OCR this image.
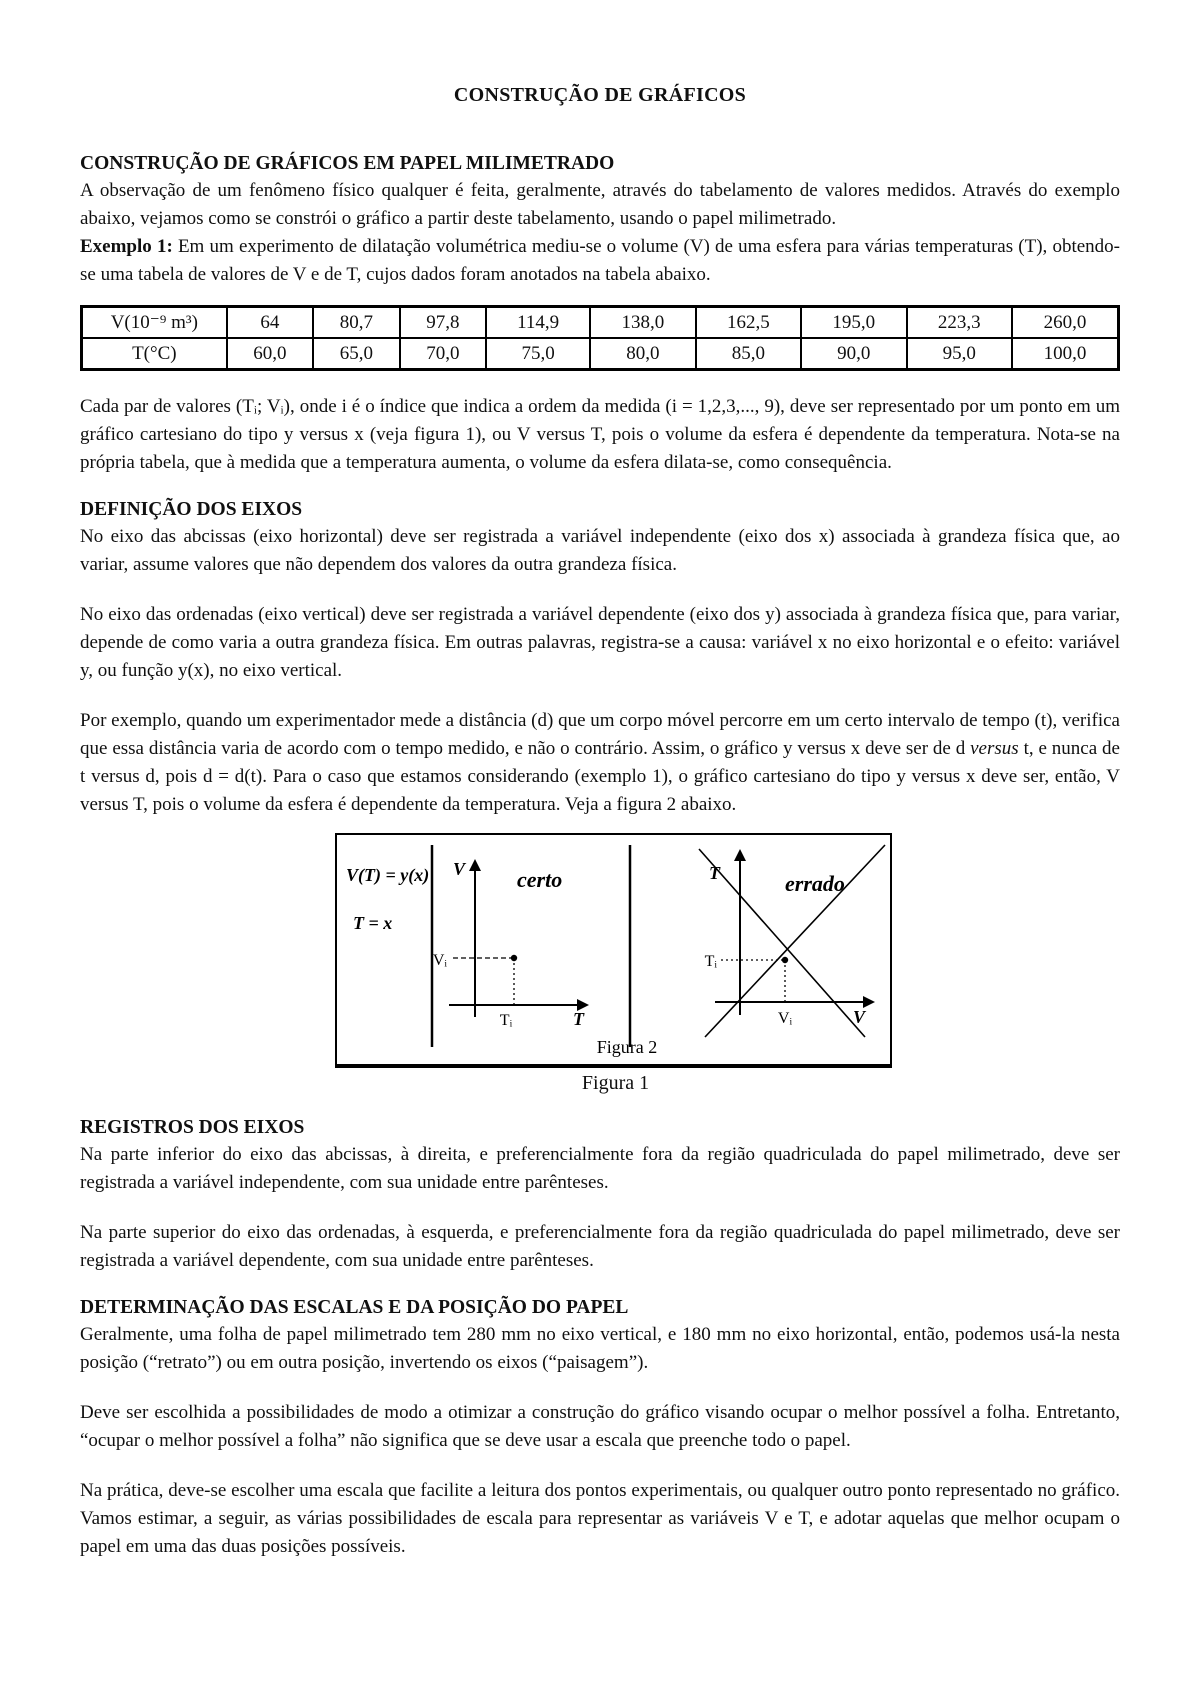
CONSTRUÇÃO DE GRÁFICOS
CONSTRUÇÃO DE GRÁFICOS EM PAPEL MILIMETRADO

A observação de um fenômeno físico qualquer é feita, geralmente, através do tabelamento de valores medidos. Através do exemplo abaixo, vejamos como se constrói o gráfico a partir deste tabelamento, usando o papel milimetrado.

Exemplo 1: Em um experimento de dilatação volumétrica mediu-se o volume (V) de uma esfera para várias temperaturas (T), obtendo-se uma tabela de valores de V e de T, cujos dados foram anotados na tabela abaixo.

V(10⁻⁹ m³)	64	80,7	97,8	114,9	138,0	162,5	195,0	223,3	260,0
T(°C)	60,0	65,0	70,0	75,0	80,0	85,0	90,0	95,0	100,0

Cada par de valores (Tᵢ; Vᵢ), onde i é o índice que indica a ordem da medida (i = 1,2,3,..., 9), deve ser representado por um ponto em um gráfico cartesiano do tipo y versus x (veja figura 1), ou V versus T, pois o volume da esfera é dependente da temperatura. Nota-se na própria tabela, que à medida que a temperatura aumenta, o volume da esfera dilata-se, como consequência.

DEFINIÇÃO DOS EIXOS

No eixo das abcissas (eixo horizontal) deve ser registrada a variável independente (eixo dos x) associada à grandeza física que, ao variar, assume valores que não dependem dos valores da outra grandeza física.

No eixo das ordenadas (eixo vertical) deve ser registrada a variável dependente (eixo dos y) associada à grandeza física que, para variar, depende de como varia a outra grandeza física. Em outras palavras, registra-se a causa: variável x no eixo horizontal e o efeito: variável y, ou função y(x), no eixo vertical.

Por exemplo, quando um experimentador mede a distância (d) que um corpo móvel percorre em um certo intervalo de tempo (t), verifica que essa distância varia de acordo com o tempo medido, e não o contrário. Assim, o gráfico y versus x deve ser de d versus t, e nunca de t versus d, pois d = d(t). Para o caso que estamos considerando (exemplo 1), o gráfico cartesiano do tipo y versus x deve ser, então, V versus T, pois o volume da esfera é dependente da temperatura. Veja a figura 2 abaixo.

V(T) = y(x)
T = x
V certo
Vᵢ
Tᵢ	T
T	errado
Tᵢ
Vᵢ	V
Figura 2
Figura 1
REGISTROS DOS EIXOS

Na parte inferior do eixo das abcissas, à direita, e preferencialmente fora da região quadriculada do papel milimetrado, deve ser registrada a variável independente, com sua unidade entre parênteses.

Na parte superior do eixo das ordenadas, à esquerda, e preferencialmente fora da região quadriculada do papel milimetrado, deve ser registrada a variável dependente, com sua unidade entre parênteses.

DETERMINAÇÃO DAS ESCALAS E DA POSIÇÃO DO PAPEL

Geralmente, uma folha de papel milimetrado tem 280 mm no eixo vertical, e 180 mm no eixo horizontal, então, podemos usá-la nesta posição (“retrato”) ou em outra posição, invertendo os eixos (“paisagem”).

Deve ser escolhida a possibilidades de modo a otimizar a construção do gráfico visando ocupar o melhor possível a folha. Entretanto, “ocupar o melhor possível a folha” não significa que se deve usar a escala que preenche todo o papel.

Na prática, deve-se escolher uma escala que facilite a leitura dos pontos experimentais, ou qualquer outro ponto representado no gráfico. Vamos estimar, a seguir, as várias possibilidades de escala para representar as variáveis V e T, e adotar aquelas que melhor ocupam o papel em uma das duas posições possíveis.
